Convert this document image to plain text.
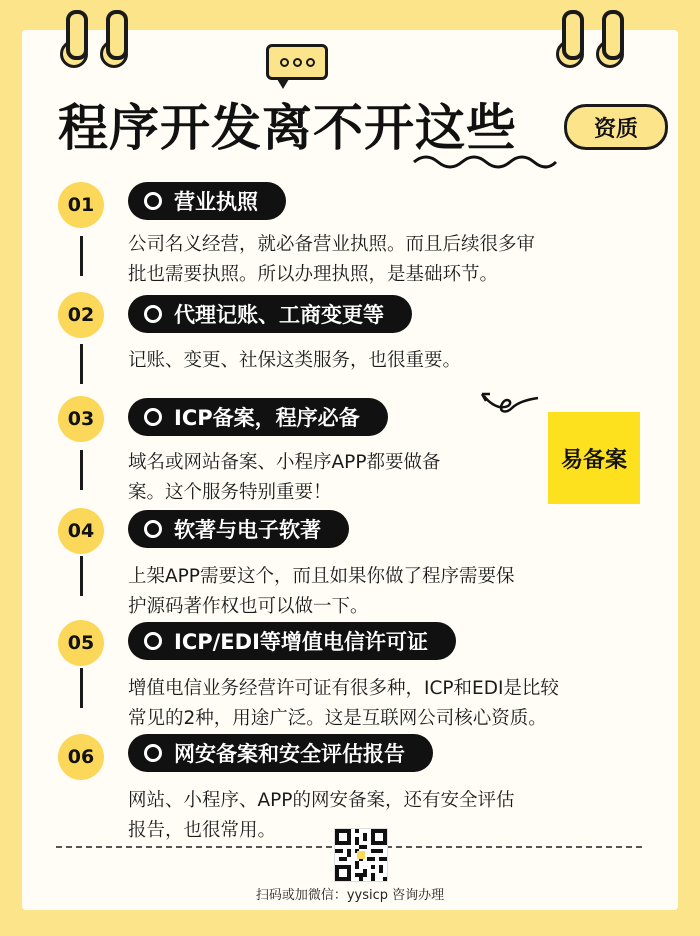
程序开发离不开这些	资质
01	营业执照
公司名义经营，就必备营业执照。而且后续很多审
批也需要执照。所以办理执照，是基础环节。
02	代理记账、工商变更等
记账、变更、社保这类服务，也很重要。
03	ICP备案，程序必备
域名或网站备案、小程序APP都要做备
案。这个服务特别重要！
易备案
04	软著与电子软著
上架APP需要这个，而且如果你做了程序需要保
护源码著作权也可以做一下。
05	ICP/EDI等增值电信许可证
增值电信业务经营许可证有很多种，ICP和EDI是比较
常见的2种，用途广泛。这是互联网公司核心资质。
06	网安备案和安全评估报告
网站、小程序、APP的网安备案，还有安全评估
报告，也很常用。
扫码或加微信：yysicp 咨询办理
